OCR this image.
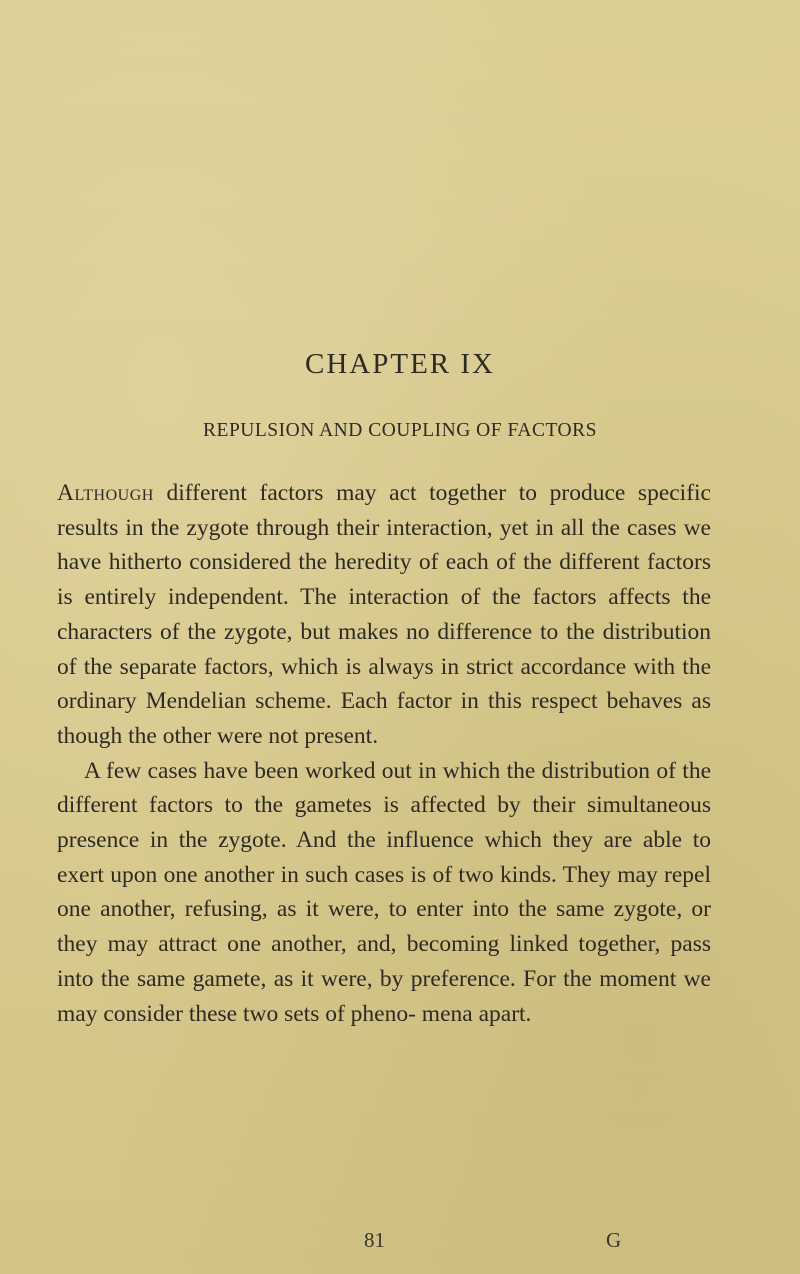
CHAPTER IX
REPULSION AND COUPLING OF FACTORS

Although different factors may act together to produce specific results in the zygote through their interaction, yet in all the cases we have hitherto considered the heredity of each of the different factors is entirely independent. The interaction of the factors affects the characters of the zygote, but makes no difference to the distribution of the separate factors, which is always in strict accordance with the ordinary Mendelian scheme. Each factor in this respect behaves as though the other were not present.

A few cases have been worked out in which the distribution of the different factors to the gametes is affected by their simultaneous presence in the zygote. And the influence which they are able to exert upon one another in such cases is of two kinds. They may repel one another, refusing, as it were, to enter into the same zygote, or they may attract one another, and, becoming linked together, pass into the same gamete, as it were, by preference. For the moment we may consider these two sets of pheno- mena apart.

81	G
